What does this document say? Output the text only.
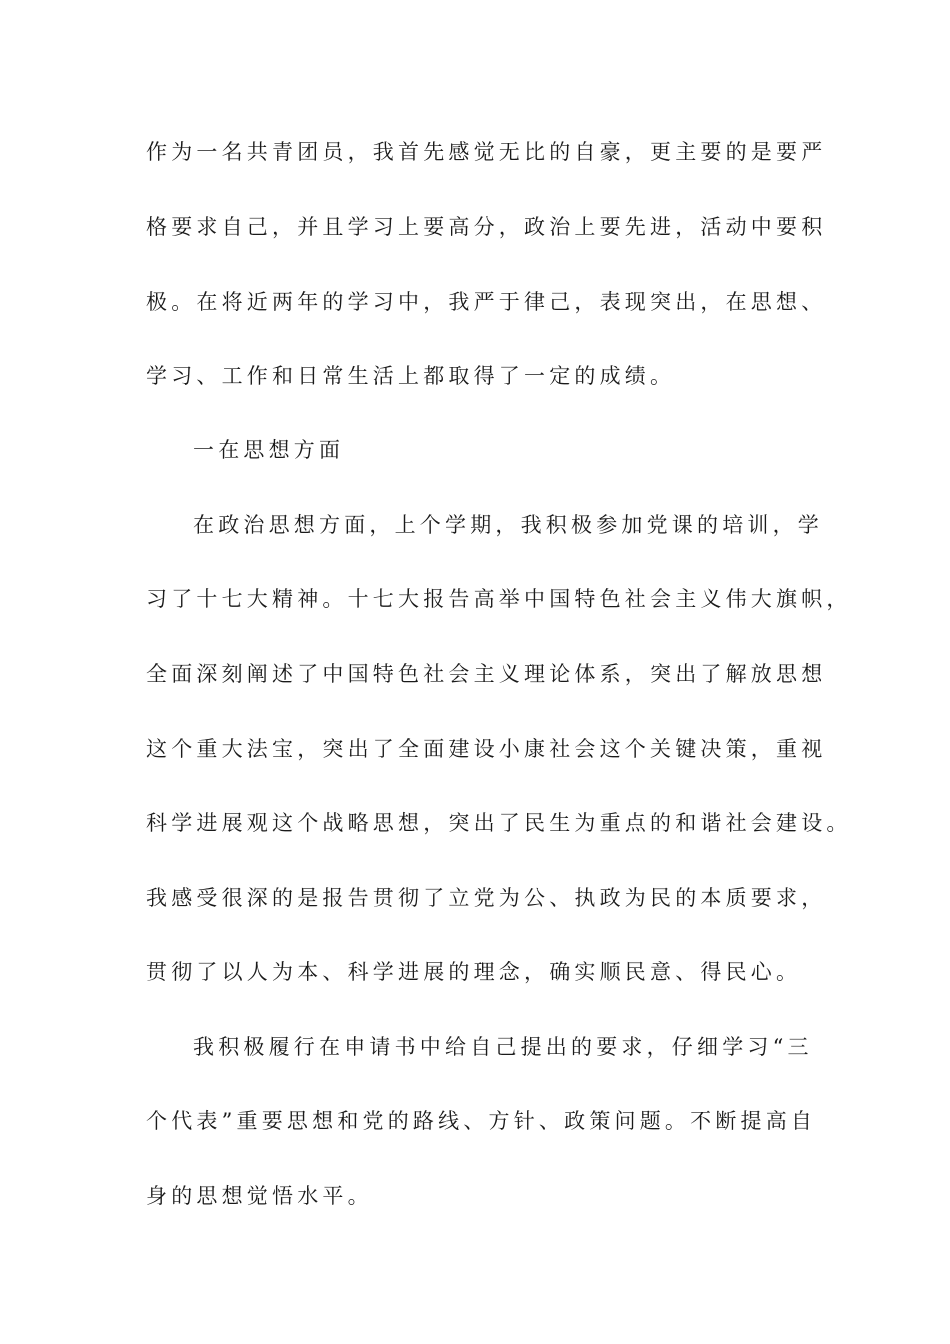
作为一名共青团员，我首先感觉无比的自豪，更主要的是要严
格要求自己，并且学习上要高分，政治上要先进，活动中要积
极。在将近两年的学习中，我严于律己，表现突出，在思想、
学习、工作和日常生活上都取得了一定的成绩。
一在思想方面
在政治思想方面，上个学期，我积极参加党课的培训，学
习了十七大精神。十七大报告高举中国特色社会主义伟大旗帜，
全面深刻阐述了中国特色社会主义理论体系，突出了解放思想
这个重大法宝，突出了全面建设小康社会这个关键决策，重视
科学进展观这个战略思想，突出了民生为重点的和谐社会建设。
我感受很深的是报告贯彻了立党为公、执政为民的本质要求，
贯彻了以人为本、科学进展的理念，确实顺民意、得民心。
我积极履行在申请书中给自己提出的要求，仔细学习“三
个代表”重要思想和党的路线、方针、政策问题。不断提高自
身的思想觉悟水平。
